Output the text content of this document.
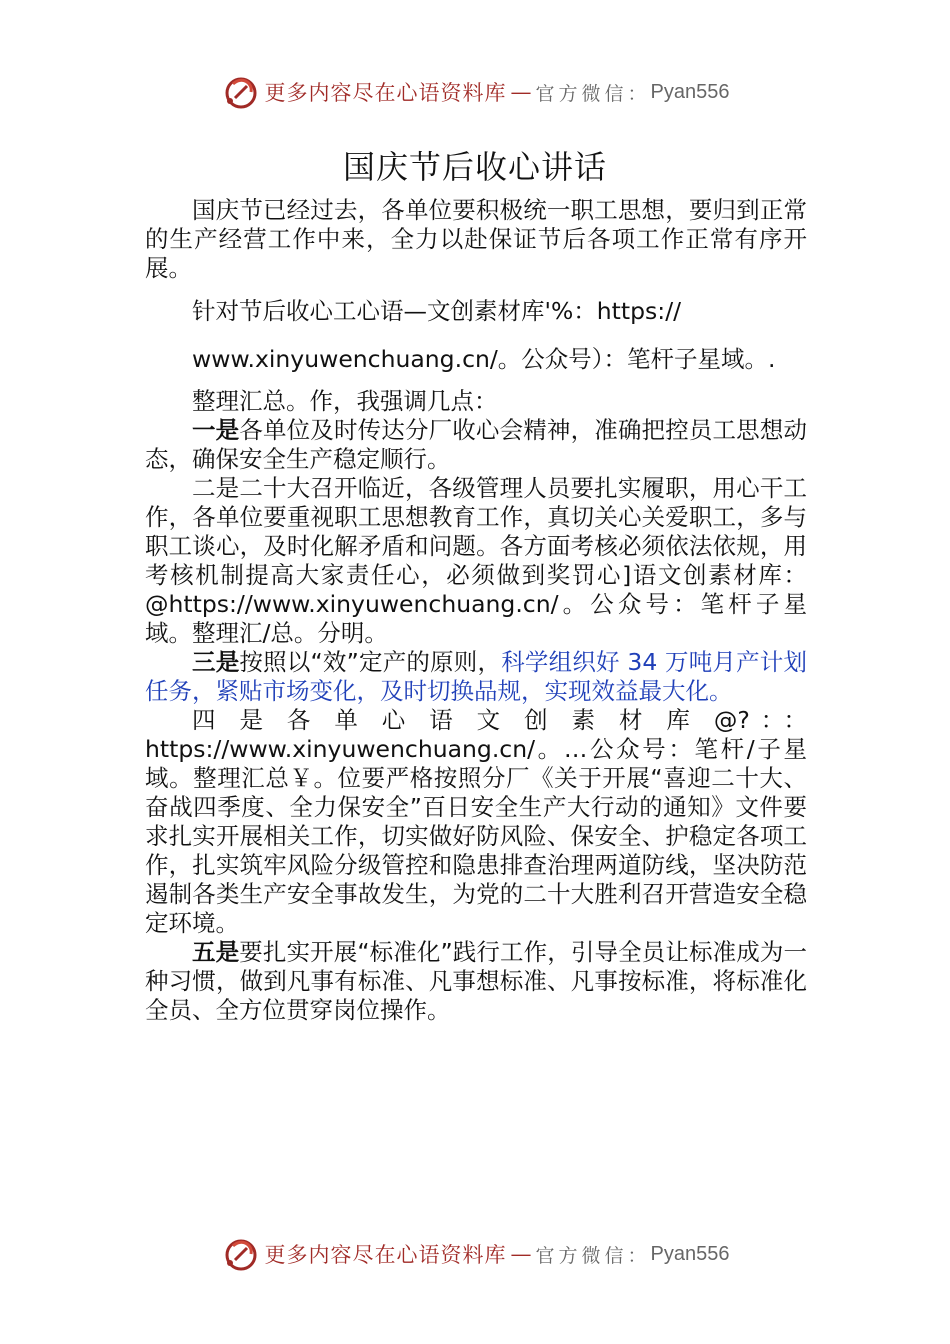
更多内容尽在心语资料库 — 官方微信： Pyan556
国庆节后收心讲话

国庆节已经过去，各单位要积极统一职工思想，要归到正常的生产经营工作中来，全力以赴保证节后各项工作正常有序开展。

针对节后收心工心语—文创素材库'%：https://

www.xinyuwenchuang.cn/。公众号）：笔杆子星域。.

整理汇总。作，我强调几点：

一是各单位及时传达分厂收心会精神，准确把控员工思想动态，确保安全生产稳定顺行。

二是二十大召开临近，各级管理人员要扎实履职，用心干工作，各单位要重视职工思想教育工作，真切关心关爱职工，多与职工谈心，及时化解矛盾和问题。各方面考核必须依法依规，用考核机制提高大家责任心，必须做到奖罚心]语文创素材库：@https://www.xinyuwenchuang.cn/。公众号：笔杆子星域。整理汇/总。分明。

三是按照以“效”定产的原则，科学组织好 34 万吨月产计划任务，紧贴市场变化，及时切换品规，实现效益最大化。

四是各单心语文创素材库@?：：https://www.xinyuwenchuang.cn/。…公众号：笔杆/子星域。整理汇总￥。位要严格按照分厂《关于开展“喜迎二十大、奋战四季度、全力保安全”百日安全生产大行动的通知》文件要求扎实开展相关工作，切实做好防风险、保安全、护稳定各项工作，扎实筑牢风险分级管控和隐患排查治理两道防线，坚决防范遏制各类生产安全事故发生，为党的二十大胜利召开营造安全稳定环境。

五是要扎实开展“标准化”践行工作，引导全员让标准成为一种习惯，做到凡事有标准、凡事想标准、凡事按标准，将标准化全员、全方位贯穿岗位操作。

更多内容尽在心语资料库 — 官方微信： Pyan556
